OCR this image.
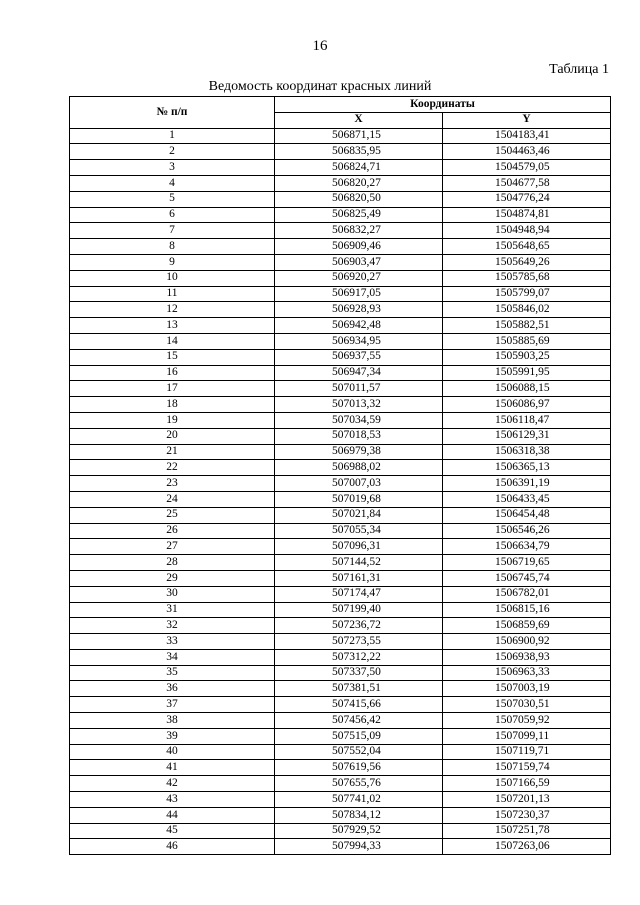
16
Таблица 1
Ведомость координат красных линий
№ п/п	Координаты	
	X	Y
1	506871,15	1504183,41
2	506835,95	1504463,46
3	506824,71	1504579,05
4	506820,27	1504677,58
5	506820,50	1504776,24
6	506825,49	1504874,81
7	506832,27	1504948,94
8	506909,46	1505648,65
9	506903,47	1505649,26
10	506920,27	1505785,68
11	506917,05	1505799,07
12	506928,93	1505846,02
13	506942,48	1505882,51
14	506934,95	1505885,69
15	506937,55	1505903,25
16	506947,34	1505991,95
17	507011,57	1506088,15
18	507013,32	1506086,97
19	507034,59	1506118,47
20	507018,53	1506129,31
21	506979,38	1506318,38
22	506988,02	1506365,13
23	507007,03	1506391,19
24	507019,68	1506433,45
25	507021,84	1506454,48
26	507055,34	1506546,26
27	507096,31	1506634,79
28	507144,52	1506719,65
29	507161,31	1506745,74
30	507174,47	1506782,01
31	507199,40	1506815,16
32	507236,72	1506859,69
33	507273,55	1506900,92
34	507312,22	1506938,93
35	507337,50	1506963,33
36	507381,51	1507003,19
37	507415,66	1507030,51
38	507456,42	1507059,92
39	507515,09	1507099,11
40	507552,04	1507119,71
41	507619,56	1507159,74
42	507655,76	1507166,59
43	507741,02	1507201,13
44	507834,12	1507230,37
45	507929,52	1507251,78
46	507994,33	1507263,06
